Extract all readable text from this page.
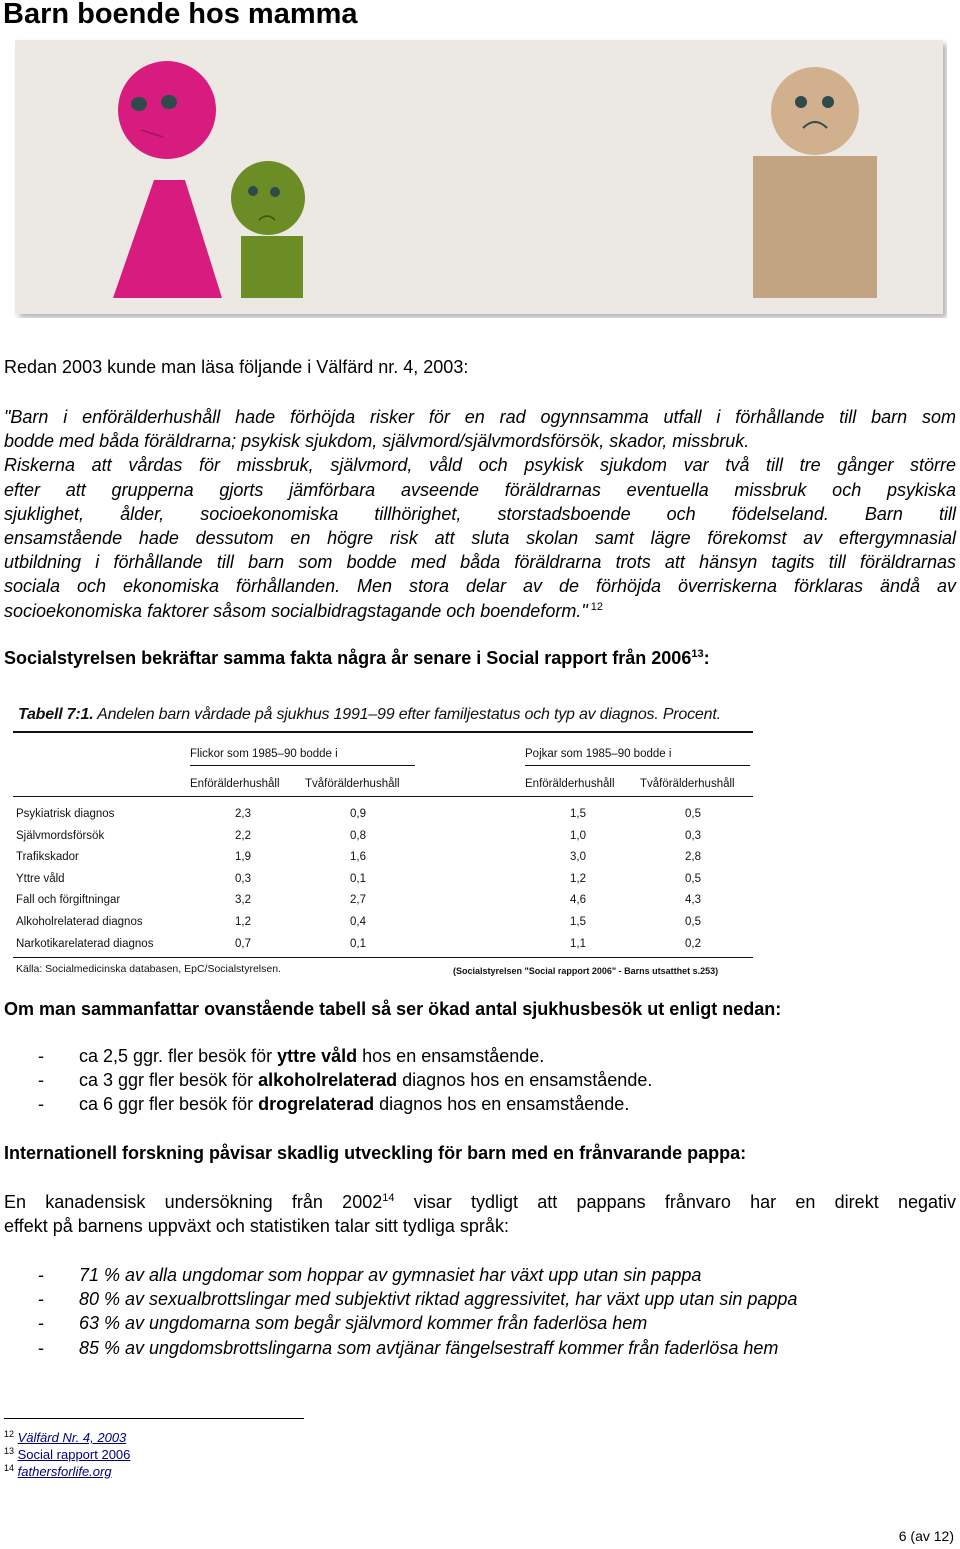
Barn boende hos mamma
Redan 2003 kunde man läsa följande i Välfärd nr. 4, 2003:
"Barn i enförälderhushåll hade förhöjda risker för en rad ogynnsamma utfall i förhållande till barn som
bodde med båda föräldrarna; psykisk sjukdom, självmord/självmordsförsök, skador, missbruk.
Riskerna att vårdas för missbruk, självmord, våld och psykisk sjukdom var två till tre gånger större
efter att grupperna gjorts jämförbara avseende föräldrarnas eventuella missbruk och psykiska
sjuklighet, ålder, socioekonomiska tillhörighet, storstadsboende och födelseland. Barn till
ensamstående hade dessutom en högre risk att sluta skolan samt lägre förekomst av eftergymnasial
utbildning i förhållande till barn som bodde med båda föräldrarna trots att hänsyn tagits till föräldrarnas
sociala och ekonomiska förhållanden. Men stora delar av de förhöjda överriskerna förklaras ändå av
socioekonomiska faktorer såsom socialbidragstagande och boendeform." $^{12}$
Socialstyrelsen bekräftar samma fakta några år senare i Social rapport från 2006$^{13}$:
Tabell 7:1. Andelen barn vårdade på sjukhus 1991–99 efter familjestatus och typ av diagnos. Procent.
Flickor som 1985–90 bodde i	Pojkar som 1985–90 bodde i
Enförälderhushåll Tvåförälderhushåll	Enförälderhushåll Tvåförälderhushåll
Psykiatrisk diagnos	2,3	0,9	1,5	0,5
Självmordsförsök	2,2	0,8	1,0	0,3
Trafikskador	1,9	1,6	3,0	2,8
Yttre våld	0,3	0,1	1,2	0,5
Fall och förgiftningar	3,2	2,7	4,6	4,3
Alkoholrelaterad diagnos	1,2	0,4	1,5	0,5
Narkotikarelaterad diagnos	0,7	0,1	1,1	0,2
Källa: Socialmedicinska databasen, EpC/Socialstyrelsen.	(Socialstyrelsen "Social rapport 2006" - Barns utsatthet s.253)
Om man sammanfattar ovanstående tabell så ser ökad antal sjukhusbesök ut enligt nedan:
- ca 2,5 ggr. fler besök för yttre våld hos en ensamstående.
- ca 3 ggr fler besök för alkoholrelaterad diagnos hos en ensamstående.
- ca 6 ggr fler besök för drogrelaterad diagnos hos en ensamstående.
Internationell forskning påvisar skadlig utveckling för barn med en frånvarande pappa:
En kanadensisk undersökning från 2002$^{14}$ visar tydligt att pappans frånvaro har en direkt negativ
effekt på barnens uppväxt och statistiken talar sitt tydliga språk:
- 71 % av alla ungdomar som hoppar av gymnasiet har växt upp utan sin pappa
- 80 % av sexualbrottslingar med subjektivt riktad aggressivitet, har växt upp utan sin pappa
- 63 % av ungdomarna som begår självmord kommer från faderlösa hem
- 85 % av ungdomsbrottslingarna som avtjänar fängelsestraff kommer från faderlösa hem
$^{12}$ Välfärd Nr. 4, 2003
$^{13}$ Social rapport 2006
$^{14}$ fathersforlife.org
6 (av 12)
